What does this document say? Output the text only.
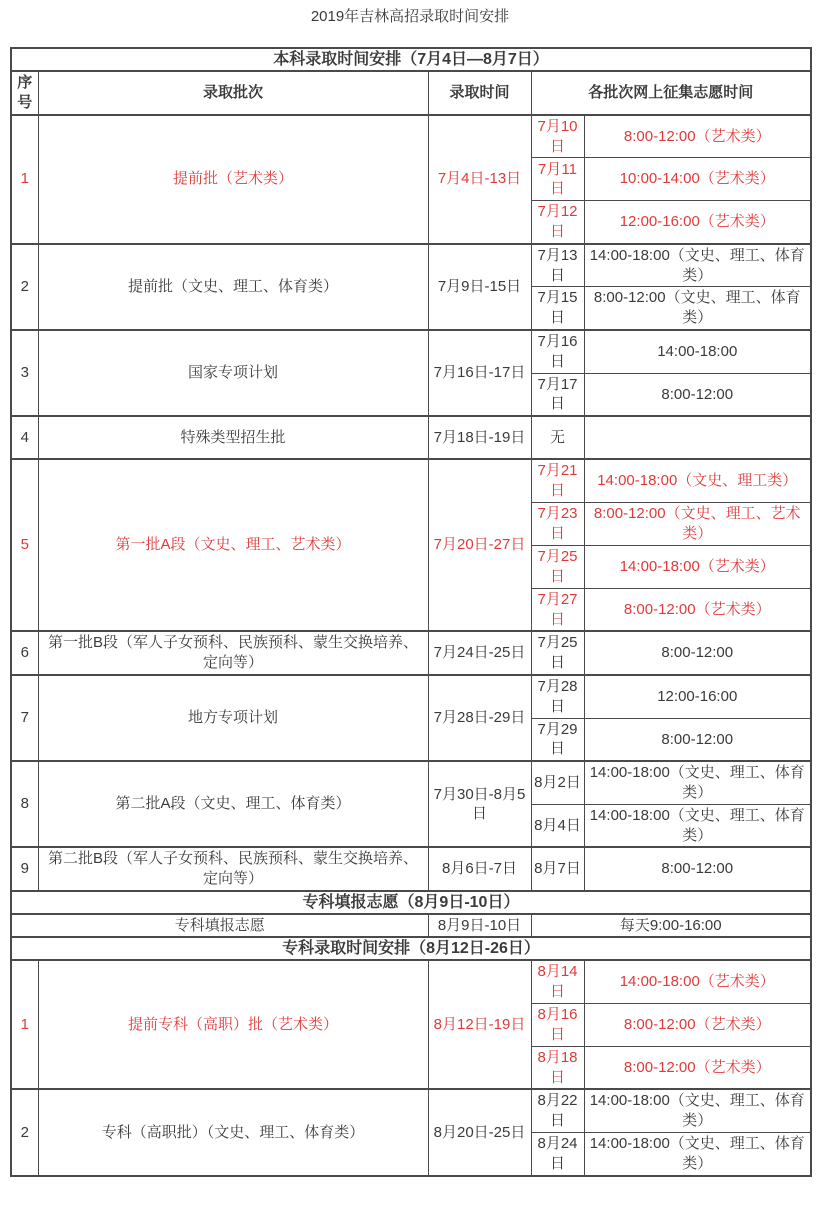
2019年吉林高招录取时间安排
本科录取时间安排（7月4日—8月7日）				
序号	录取批次	录取时间	各批次网上征集志愿时间	
1	提前批（艺术类）	7月4日-13日	7月10日	8:00-12:00（艺术类）
			7月11日	10:00-14:00（艺术类）
			7月12日	12:00-16:00（艺术类）
2	提前批（文史、理工、体育类）	7月9日-15日	7月13日	14:00-18:00（文史、理工、体育类）
			7月15日	8:00-12:00（文史、理工、体育类）
3	国家专项计划	7月16日-17日	7月16日	14:00-18:00
			7月17日	8:00-12:00
4	特殊类型招生批	7月18日-19日	无	
5	第一批A段（文史、理工、艺术类）	7月20日-27日	7月21日	14:00-18:00（文史、理工类）
			7月23日	8:00-12:00（文史、理工、艺术类）
			7月25日	14:00-18:00（艺术类）
			7月27日	8:00-12:00（艺术类）
6	第一批B段（军人子女预科、民族预科、蒙生交换培养、定向等）	7月24日-25日	7月25日	8:00-12:00
7	地方专项计划	7月28日-29日	7月28日	12:00-16:00
			7月29日	8:00-12:00
8	第二批A段（文史、理工、体育类）	7月30日-8月5日	8月2日	14:00-18:00（文史、理工、体育类）
			8月4日	14:00-18:00（文史、理工、体育类）
9	第二批B段（军人子女预科、民族预科、蒙生交换培养、定向等）	8月6日-7日	8月7日	8:00-12:00
专科填报志愿（8月9日-10日）				
专科填报志愿		8月9日-10日	每天9:00-16:00	
专科录取时间安排（8月12日-26日）				
1	提前专科（高职）批（艺术类）	8月12日-19日	8月14日	14:00-18:00（艺术类）
			8月16日	8:00-12:00（艺术类）
			8月18日	8:00-12:00（艺术类）
2	专科（高职批）（文史、理工、体育类）	8月20日-25日	8月22日	14:00-18:00（文史、理工、体育类）
			8月24日	14:00-18:00（文史、理工、体育类）
